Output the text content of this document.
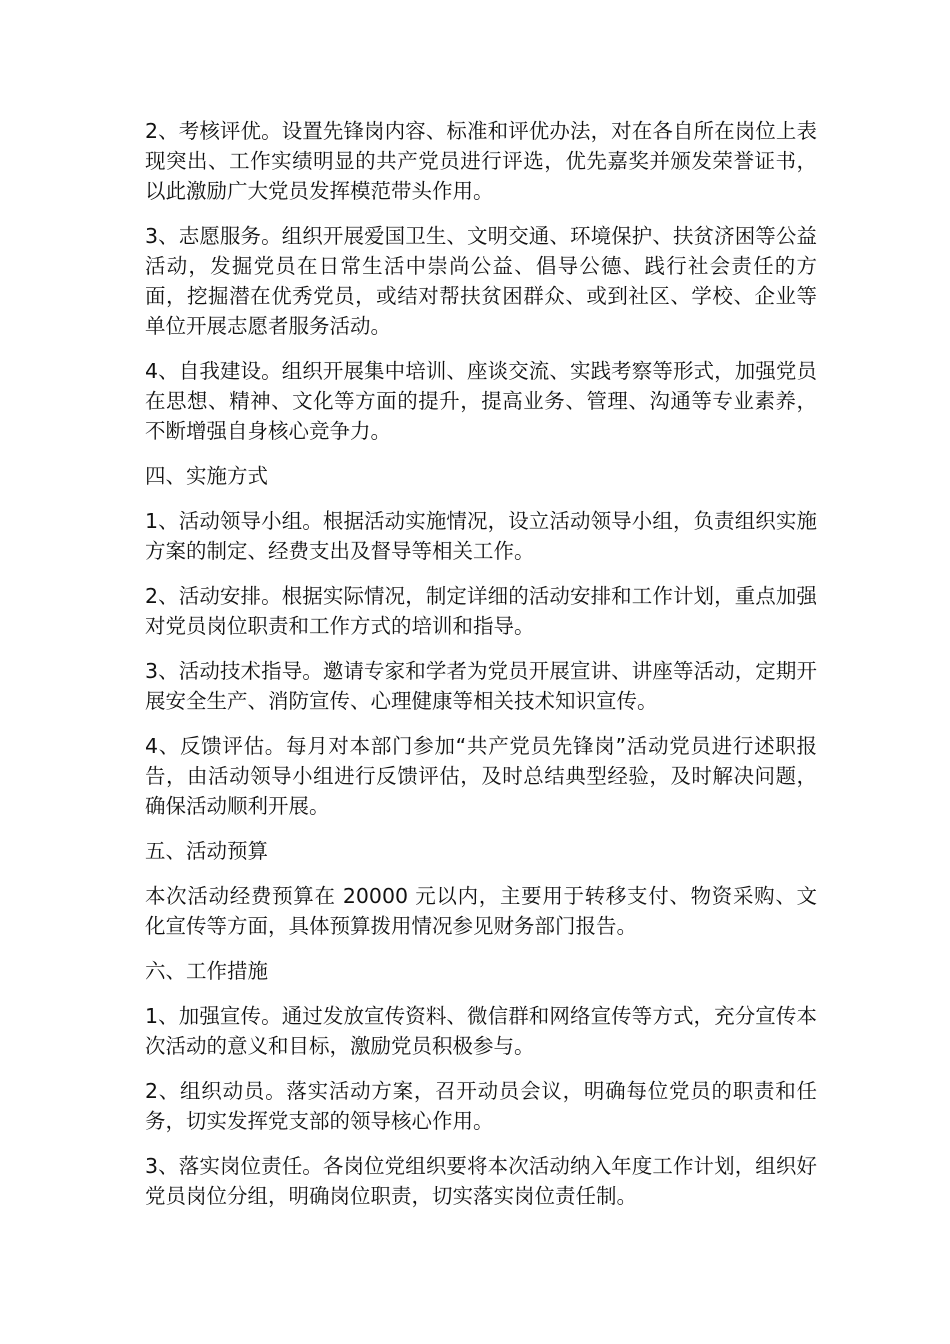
2、考核评优。设置先锋岗内容、标准和评优办法，对在各自所在岗位上表现突出、工作实绩明显的共产党员进行评选，优先嘉奖并颁发荣誉证书，以此激励广大党员发挥模范带头作用。

3、志愿服务。组织开展爱国卫生、文明交通、环境保护、扶贫济困等公益活动，发掘党员在日常生活中崇尚公益、倡导公德、践行社会责任的方面，挖掘潜在优秀党员，或结对帮扶贫困群众、或到社区、学校、企业等单位开展志愿者服务活动。

4、自我建设。组织开展集中培训、座谈交流、实践考察等形式，加强党员在思想、精神、文化等方面的提升，提高业务、管理、沟通等专业素养，不断增强自身核心竞争力。

四、实施方式

1、活动领导小组。根据活动实施情况，设立活动领导小组，负责组织实施方案的制定、经费支出及督导等相关工作。

2、活动安排。根据实际情况，制定详细的活动安排和工作计划，重点加强对党员岗位职责和工作方式的培训和指导。

3、活动技术指导。邀请专家和学者为党员开展宣讲、讲座等活动，定期开展安全生产、消防宣传、心理健康等相关技术知识宣传。

4、反馈评估。每月对本部门参加“共产党员先锋岗”活动党员进行述职报告，由活动领导小组进行反馈评估，及时总结典型经验，及时解决问题，确保活动顺利开展。

五、活动预算

本次活动经费预算在 20000 元以内，主要用于转移支付、物资采购、文化宣传等方面，具体预算拨用情况参见财务部门报告。

六、工作措施

1、加强宣传。通过发放宣传资料、微信群和网络宣传等方式，充分宣传本次活动的意义和目标，激励党员积极参与。

2、组织动员。落实活动方案，召开动员会议，明确每位党员的职责和任务，切实发挥党支部的领导核心作用。

3、落实岗位责任。各岗位党组织要将本次活动纳入年度工作计划，组织好党员岗位分组，明确岗位职责，切实落实岗位责任制。
